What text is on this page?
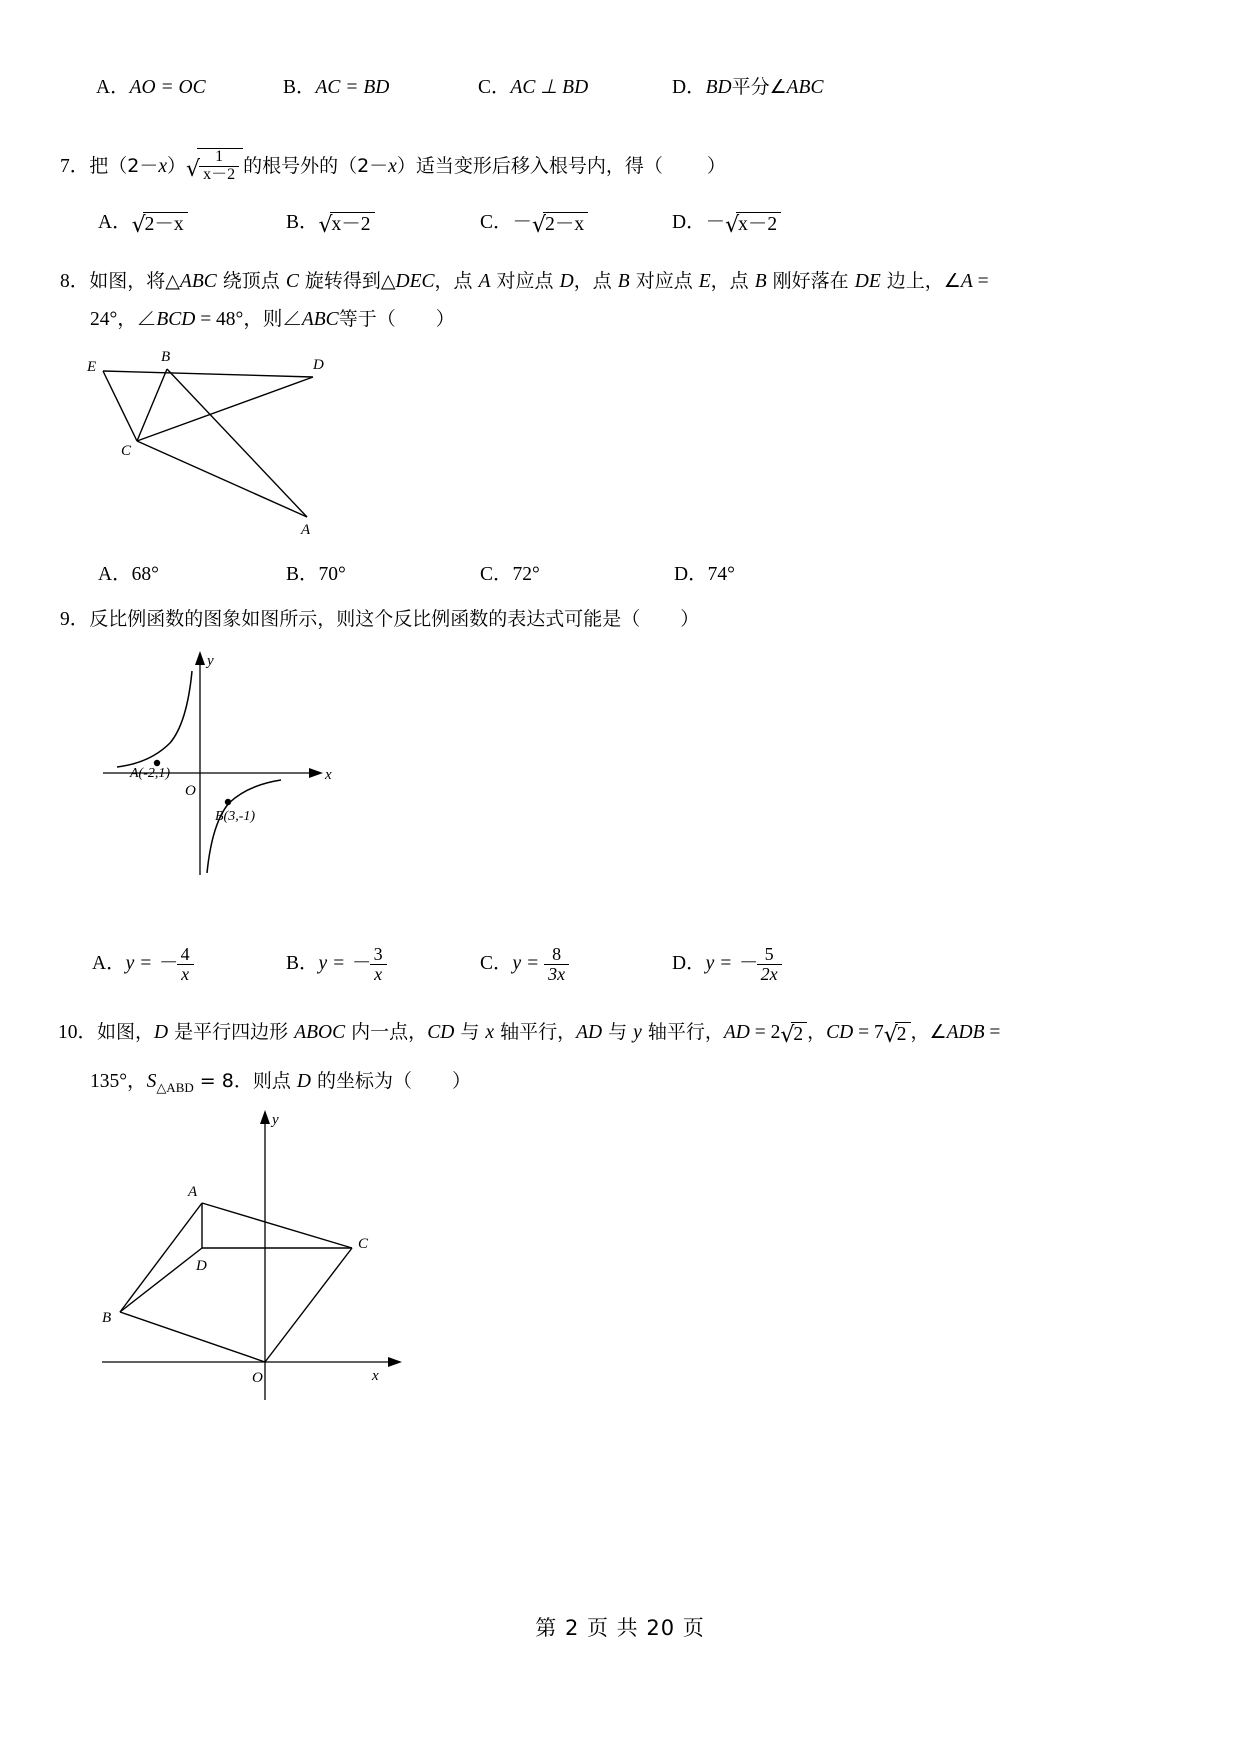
A．AO = OC	B．AC = BD	C．AC ⊥ BD	D．BD平分∠ABC
7．把$(2-x)√ \frac{1}{x-2}$ 的根号外的（2－x）适当变形后移入根号内，得（ ）
A．√2－x	B．√x－2	C．－√2－x	D．－√x－2
8．如图，将△ABC 绕顶点 C 旋转得到△DEC，点 A 对应点 D，点 B 对应点 E，点 B 刚好落在 DE 边上，∠A =
24°，∠BCD = 48°，则∠ABC等于（ ）
E
B	D
C
A
A．68°	B．70°	C．72°	D．74°
9．反比例函数的图象如图所示，则这个反比例函数的表达式可能是（ ）
y
x
O
A(-2,1)
B(3,-1)
A．y = － $\frac{4}{x}$	B．y = － $\frac{3}{x}$	C．$y = \frac{8}{3x}$	D．y = － $\frac{5}{2x}$
10．如图，D 是平行四边形 ABOC 内一点，CD 与 x 轴平行，AD 与 y 轴平行，AD = 2√2 ，CD = 7√2 ，∠ADB =
135°，$S_{\triangle ABD} = 8$．则点 D 的坐标为（ ）
A
B
C
D
O	x
y
第 2 页 共 20 页
